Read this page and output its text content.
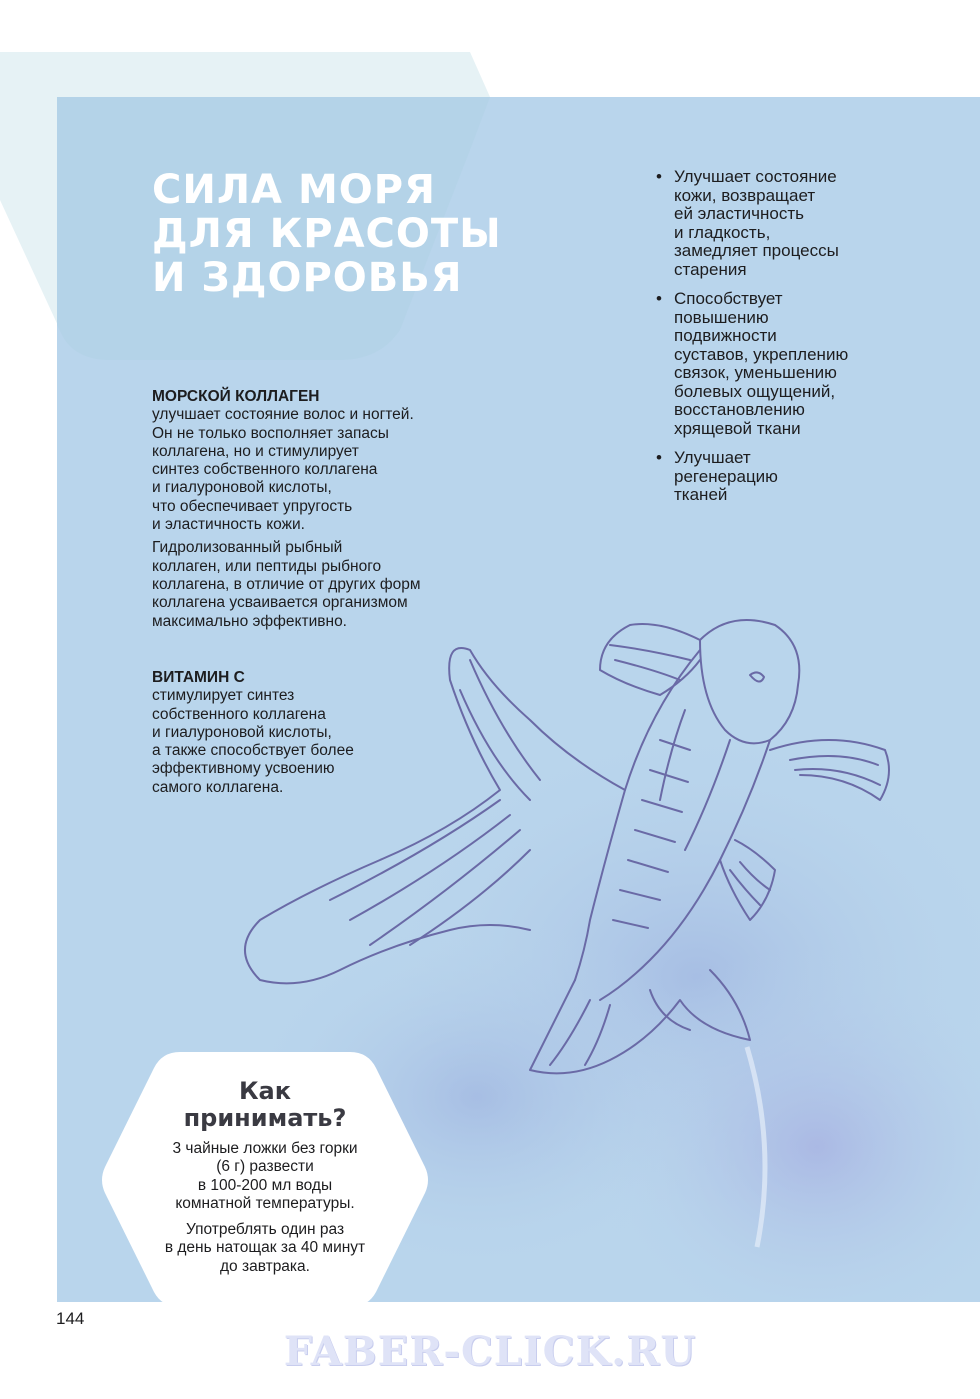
СИЛА МОРЯ
ДЛЯ КРАСОТЫ
И ЗДОРОВЬЯ
МОРСКОЙ КОЛЛАГЕН

улучшает состояние волос и ногтей.
Он не только восполняет запасы
коллагена, но и стимулирует
синтез собственного коллагена
и гиалуроновой кислоты,
что обеспечивает упругость
и эластичность кожи.

Гидролизованный рыбный
коллаген, или пептиды рыбного
коллагена, в отличие от других форм
коллагена усваивается организмом
максимально эффективно.

ВИТАМИН С

стимулирует синтез
собственного коллагена
и гиалуроновой кислоты,
а также способствует более
эффективному усвоению
самого коллагена.

• Улучшает состояние
кожи, возвращает
ей эластичность
и гладкость,
замедляет процессы
старения
• Способствует
повышению
подвижности
суставов, укреплению
связок, уменьшению
болевых ощущений,
восстановлению
хрящевой ткани
• Улучшает
регенерацию
тканей
Как
принимать?

3 чайные ложки без горки
(6 г) развести
в 100-200 мл воды
комнатной температуры.

Употреблять один раз
в день натощак за 40 минут
до завтрака.

144
FABER-CLICK.RU
